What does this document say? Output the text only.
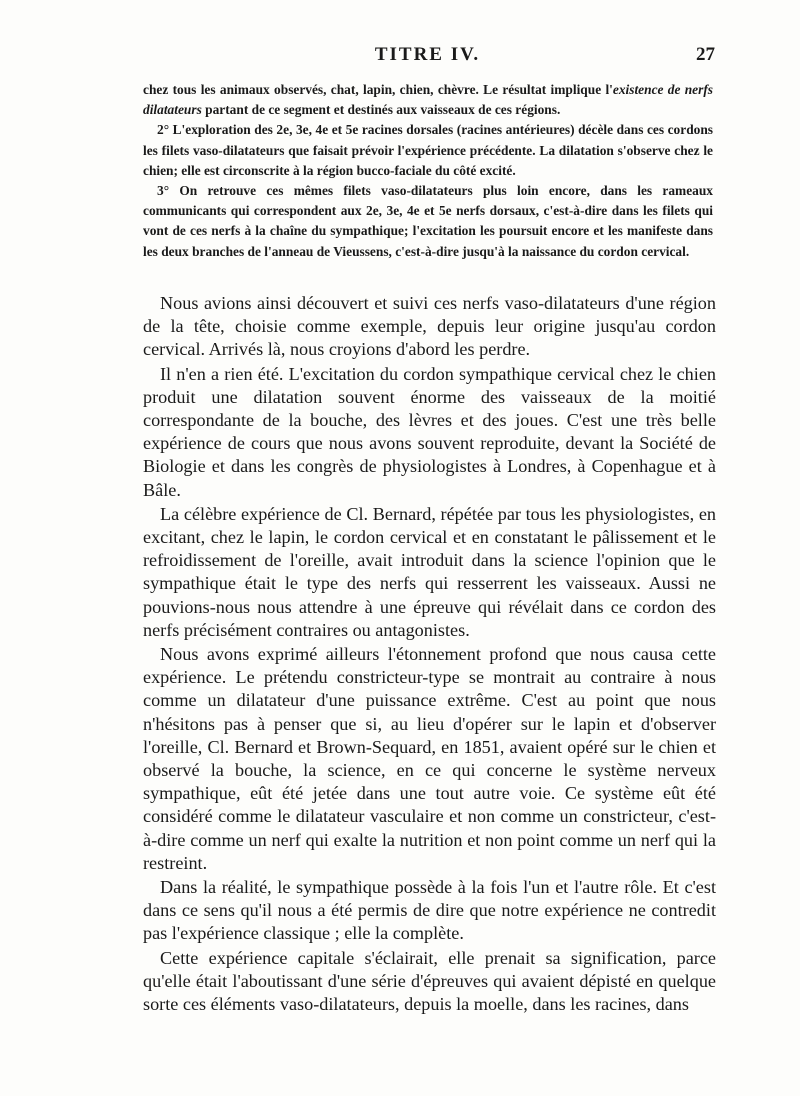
TITRE IV.	27

chez tous les animaux observés, chat, lapin, chien, chèvre. Le résultat implique l'existence de nerfs dilatateurs partant de ce segment et destinés aux vaisseaux de ces régions.

2° L'exploration des 2e, 3e, 4e et 5e racines dorsales (racines antérieures) décèle dans ces cordons les filets vaso-dilatateurs que faisait prévoir l'expérience précédente. La dilatation s'observe chez le chien; elle est circonscrite à la région bucco-faciale du côté excité.

3° On retrouve ces mêmes filets vaso-dilatateurs plus loin encore, dans les rameaux communicants qui correspondent aux 2e, 3e, 4e et 5e nerfs dorsaux, c'est-à-dire dans les filets qui vont de ces nerfs à la chaîne du sympathique; l'excitation les poursuit encore et les manifeste dans les deux branches de l'anneau de Vieussens, c'est-à-dire jusqu'à la naissance du cordon cervical.

Nous avions ainsi découvert et suivi ces nerfs vaso-dilatateurs d'une région de la tête, choisie comme exemple, depuis leur origine jusqu'au cordon cervical. Arrivés là, nous croyions d'abord les perdre.

Il n'en a rien été. L'excitation du cordon sympathique cervical chez le chien produit une dilatation souvent énorme des vaisseaux de la moitié correspondante de la bouche, des lèvres et des joues. C'est une très belle expérience de cours que nous avons souvent reproduite, devant la Société de Biologie et dans les congrès de physiologistes à Londres, à Copenhague et à Bâle.

La célèbre expérience de Cl. Bernard, répétée par tous les physiologistes, en excitant, chez le lapin, le cordon cervical et en constatant le pâlissement et le refroidissement de l'oreille, avait introduit dans la science l'opinion que le sympathique était le type des nerfs qui resserrent les vaisseaux. Aussi ne pouvions-nous nous attendre à une épreuve qui révélait dans ce cordon des nerfs précisément contraires ou antagonistes.

Nous avons exprimé ailleurs l'étonnement profond que nous causa cette expérience. Le prétendu constricteur-type se montrait au contraire à nous comme un dilatateur d'une puissance extrême. C'est au point que nous n'hésitons pas à penser que si, au lieu d'opérer sur le lapin et d'observer l'oreille, Cl. Bernard et Brown-Sequard, en 1851, avaient opéré sur le chien et observé la bouche, la science, en ce qui concerne le système nerveux sympathique, eût été jetée dans une tout autre voie. Ce système eût été considéré comme le dilatateur vasculaire et non comme un constricteur, c'est-à-dire comme un nerf qui exalte la nutrition et non point comme un nerf qui la restreint.

Dans la réalité, le sympathique possède à la fois l'un et l'autre rôle. Et c'est dans ce sens qu'il nous a été permis de dire que notre expérience ne contredit pas l'expérience classique ; elle la complète.

Cette expérience capitale s'éclairait, elle prenait sa signification, parce qu'elle était l'aboutissant d'une série d'épreuves qui avaient dépisté en quelque sorte ces éléments vaso-dilatateurs, depuis la moelle, dans les racines, dans
